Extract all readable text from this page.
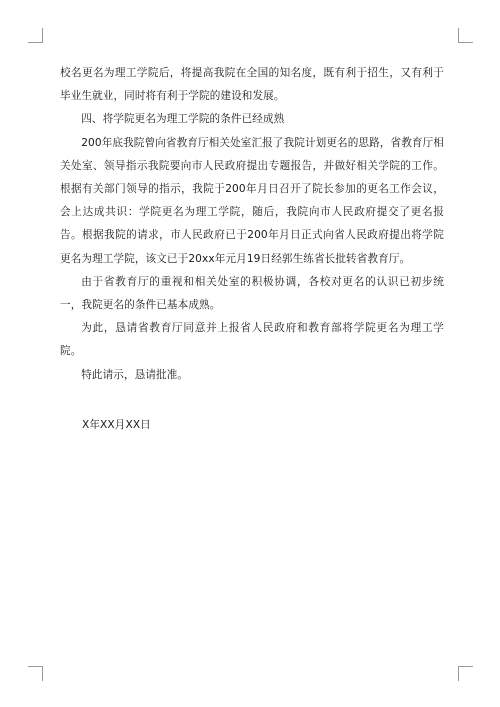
校名更名为理工学院后，将提高我院在全国的知名度，既有利于招生，又有利于毕业生就业，同时将有利于学院的建设和发展。

四、将学院更名为理工学院的条件已经成熟

200年底我院曾向省教育厅相关处室汇报了我院计划更名的思路，省教育厅相关处室、领导指示我院要向市人民政府提出专题报告，并做好相关学院的工作。根据有关部门领导的指示，我院于200年月日召开了院长参加的更名工作会议，会上达成共识：学院更名为理工学院，随后，我院向市人民政府提交了更名报告。根据我院的请求，市人民政府已于200年月日正式向省人民政府提出将学院更名为理工学院，该文已于20xx年元月19日经郭生练省长批转省教育厅。

由于省教育厅的重视和相关处室的积极协调，各校对更名的认识已初步统一，我院更名的条件已基本成熟。

为此，恳请省教育厅同意并上报省人民政府和教育部将学院更名为理工学院。

特此请示，恳请批准。

X年XX月XX日
